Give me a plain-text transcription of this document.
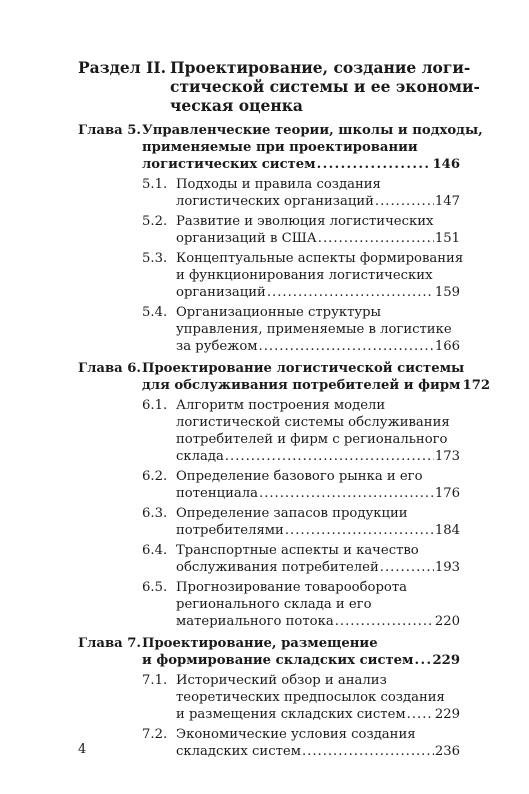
Раздел II. Проектирование, создание логи-
стической системы и ее экономи-
ческая оценка
Глава 5. Управленческие теории, школы и подходы,
применяемые при проектировании
логистических систем . . .	146
5.1. Подходы и правила создания
логистических организаций . . .	147
5.2. Развитие и эволюция логистических
организаций в США . . .	151
5.3. Концептуальные аспекты формирования
и функционирования логистических
организаций . . .	159
5.4. Организационные структуры
управления, применяемые в логистике
за рубежом . . .	166
Глава 6. Проектирование логистической системы
для обслуживания потребителей и фирм 172
6.1. Алгоритм построения модели
логистической системы обслуживания
потребителей и фирм с регионального
склада . . .	173
6.2. Определение базового рынка и его
потенциала . . .	176
6.3. Определение запасов продукции
потребителями . . .	184
6.4. Транспортные аспекты и качество
обслуживания потребителей . . .	193
6.5. Прогнозирование товарооборота
регионального склада и его
материального потока . . .	220
Глава 7. Проектирование, размещение
и формирование складских систем . . . 229
7.1. Исторический обзор и анализ
теоретических предпосылок создания
и размещения складских систем . . . 229
7.2. Экономические условия создания
складских систем . . .	236
4
